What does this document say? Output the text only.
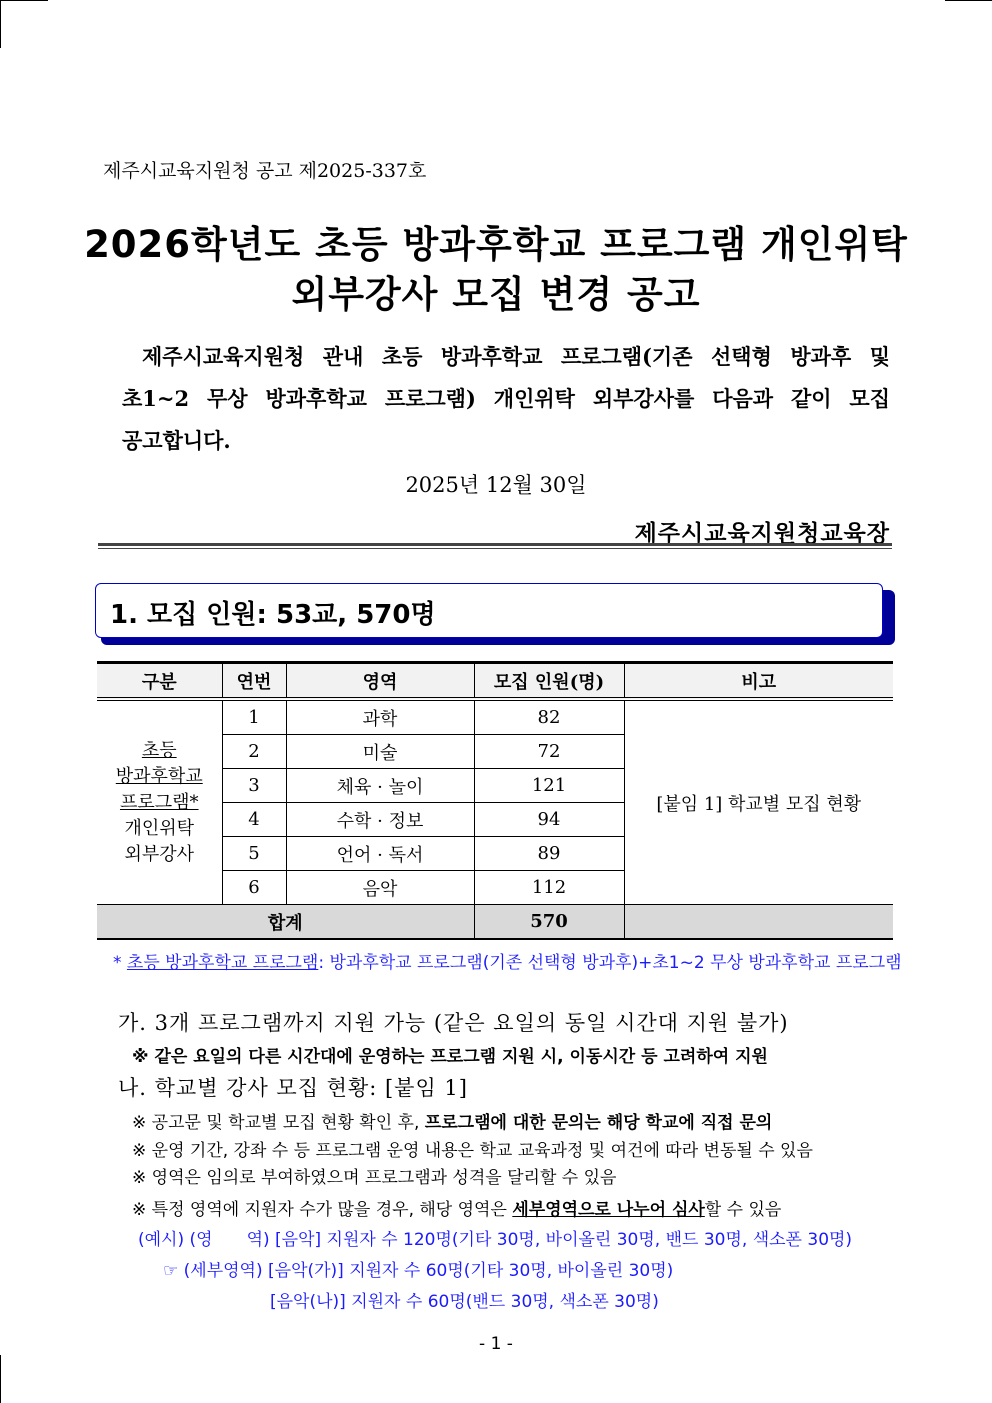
제주시교육지원청 공고 제2025-337호
2026학년도 초등 방과후학교 프로그램 개인위탁
외부강사 모집 변경 공고
제주시교육지원청 관내 초등 방과후학교 프로그램(기존 선택형 방과후 및
초1~2 무상 방과후학교 프로그램) 개인위탁 외부강사를 다음과 같이 모집
공고합니다.
2025년 12월 30일
제주시교육지원청교육장
1. 모집 인원: 53교, 570명
구분	연번	영역	모집 인원(명)	비고
초등
방과후학교
프로그램*
개인위탁
외부강사	1	과학	82	[붙임 1] 학교별 모집 현황
	2	미술	72	
	3	체육 · 놀이	121	
	4	수학 · 정보	94	
	5	언어 · 독서	89	
	6	음악	112	
합계			570	
* 초등 방과후학교 프로그램: 방과후학교 프로그램(기존 선택형 방과후)+초1~2 무상 방과후학교 프로그램
가. 3개 프로그램까지 지원 가능 (같은 요일의 동일 시간대 지원 불가)
※ 같은 요일의 다른 시간대에 운영하는 프로그램 지원 시, 이동시간 등 고려하여 지원
나. 학교별 강사 모집 현황: [붙임 1]
※ 공고문 및 학교별 모집 현황 확인 후, 프로그램에 대한 문의는 해당 학교에 직접 문의
※ 운영 기간, 강좌 수 등 프로그램 운영 내용은 학교 교육과정 및 여건에 따라 변동될 수 있음
※ 영역은 임의로 부여하였으며 프로그램과 성격을 달리할 수 있음
※ 특정 영역에 지원자 수가 많을 경우, 해당 영역은 세부영역으로 나누어 심사할 수 있음
(예시) (영　　역) [음악] 지원자 수 120명(기타 30명, 바이올린 30명, 밴드 30명, 색소폰 30명)
☞ (세부영역) [음악(가)] 지원자 수 60명(기타 30명, 바이올린 30명)
[음악(나)] 지원자 수 60명(밴드 30명, 색소폰 30명)
- 1 -
